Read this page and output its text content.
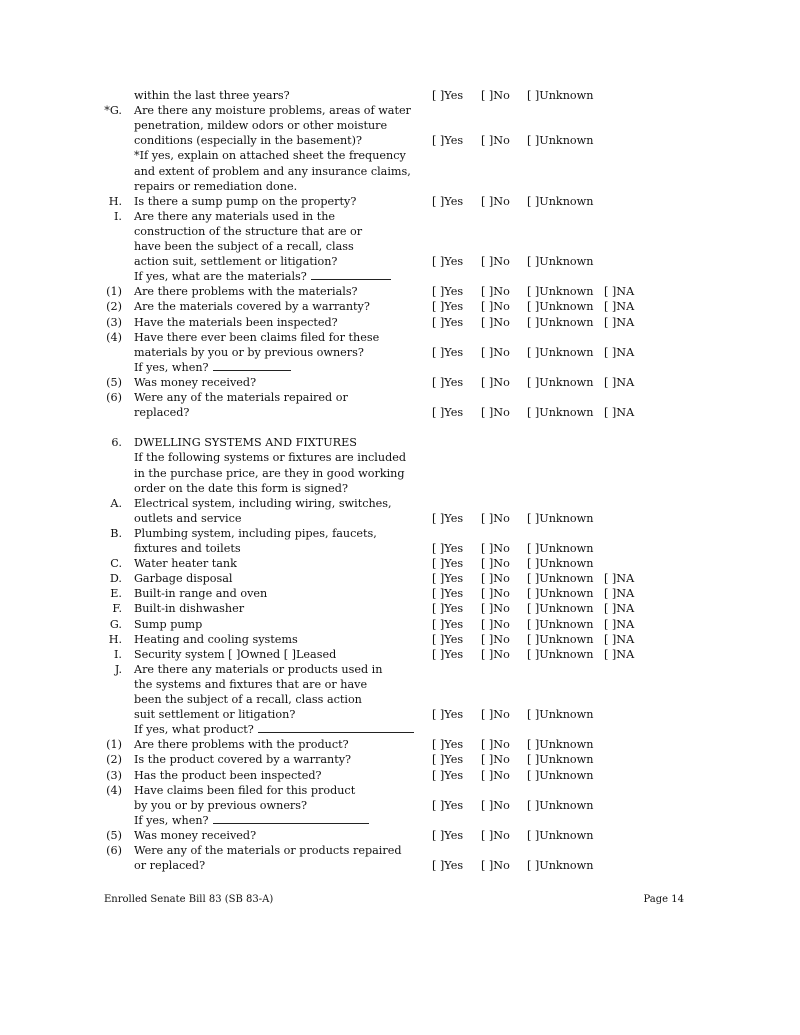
within the last three years?	[ ]Yes [ ]No [ ]Unknown
*G. Are there any moisture problems, areas of water
penetration, mildew odors or other moisture
conditions (especially in the basement)?	[ ]Yes [ ]No [ ]Unknown
*If yes, explain on attached sheet the frequency
and extent of problem and any insurance claims,
repairs or remediation done.
H. Is there a sump pump on the property?	[ ]Yes [ ]No [ ]Unknown
I. Are there any materials used in the
construction of the structure that are or
have been the subject of a recall, class
action suit, settlement or litigation?	[ ]Yes [ ]No [ ]Unknown
If yes, what are the materials?
(1) Are there problems with the materials?	[ ]Yes [ ]No [ ]Unknown [ ]NA
(2) Are the materials covered by a warranty?	[ ]Yes [ ]No [ ]Unknown [ ]NA
(3) Have the materials been inspected?	[ ]Yes [ ]No [ ]Unknown [ ]NA
(4) Have there ever been claims filed for these
materials by you or by previous owners?	[ ]Yes [ ]No [ ]Unknown [ ]NA
If yes, when?
(5) Was money received?	[ ]Yes [ ]No [ ]Unknown [ ]NA
(6) Were any of the materials repaired or
replaced?	[ ]Yes [ ]No [ ]Unknown [ ]NA
6. DWELLING SYSTEMS AND FIXTURES
If the following systems or fixtures are included
in the purchase price, are they in good working
order on the date this form is signed?
A. Electrical system, including wiring, switches,
outlets and service	[ ]Yes [ ]No [ ]Unknown
B. Plumbing system, including pipes, faucets,
fixtures and toilets	[ ]Yes [ ]No [ ]Unknown
C. Water heater tank	[ ]Yes [ ]No [ ]Unknown
D. Garbage disposal	[ ]Yes [ ]No [ ]Unknown [ ]NA
E. Built-in range and oven	[ ]Yes [ ]No [ ]Unknown [ ]NA
F. Built-in dishwasher	[ ]Yes [ ]No [ ]Unknown [ ]NA
G. Sump pump	[ ]Yes [ ]No [ ]Unknown [ ]NA
H. Heating and cooling systems	[ ]Yes [ ]No [ ]Unknown [ ]NA
I. Security system [ ]Owned [ ]Leased	[ ]Yes [ ]No [ ]Unknown [ ]NA
J. Are there any materials or products used in
the systems and fixtures that are or have
been the subject of a recall, class action
suit settlement or litigation?	[ ]Yes [ ]No [ ]Unknown
If yes, what product?
(1) Are there problems with the product?	[ ]Yes [ ]No [ ]Unknown
(2) Is the product covered by a warranty?	[ ]Yes [ ]No [ ]Unknown
(3) Has the product been inspected?	[ ]Yes [ ]No [ ]Unknown
(4) Have claims been filed for this product
by you or by previous owners?	[ ]Yes [ ]No [ ]Unknown
If yes, when?
(5) Was money received?	[ ]Yes [ ]No [ ]Unknown
(6) Were any of the materials or products repaired
or replaced?	[ ]Yes [ ]No [ ]Unknown
Enrolled Senate Bill 83 (SB 83-A)	Page 14
